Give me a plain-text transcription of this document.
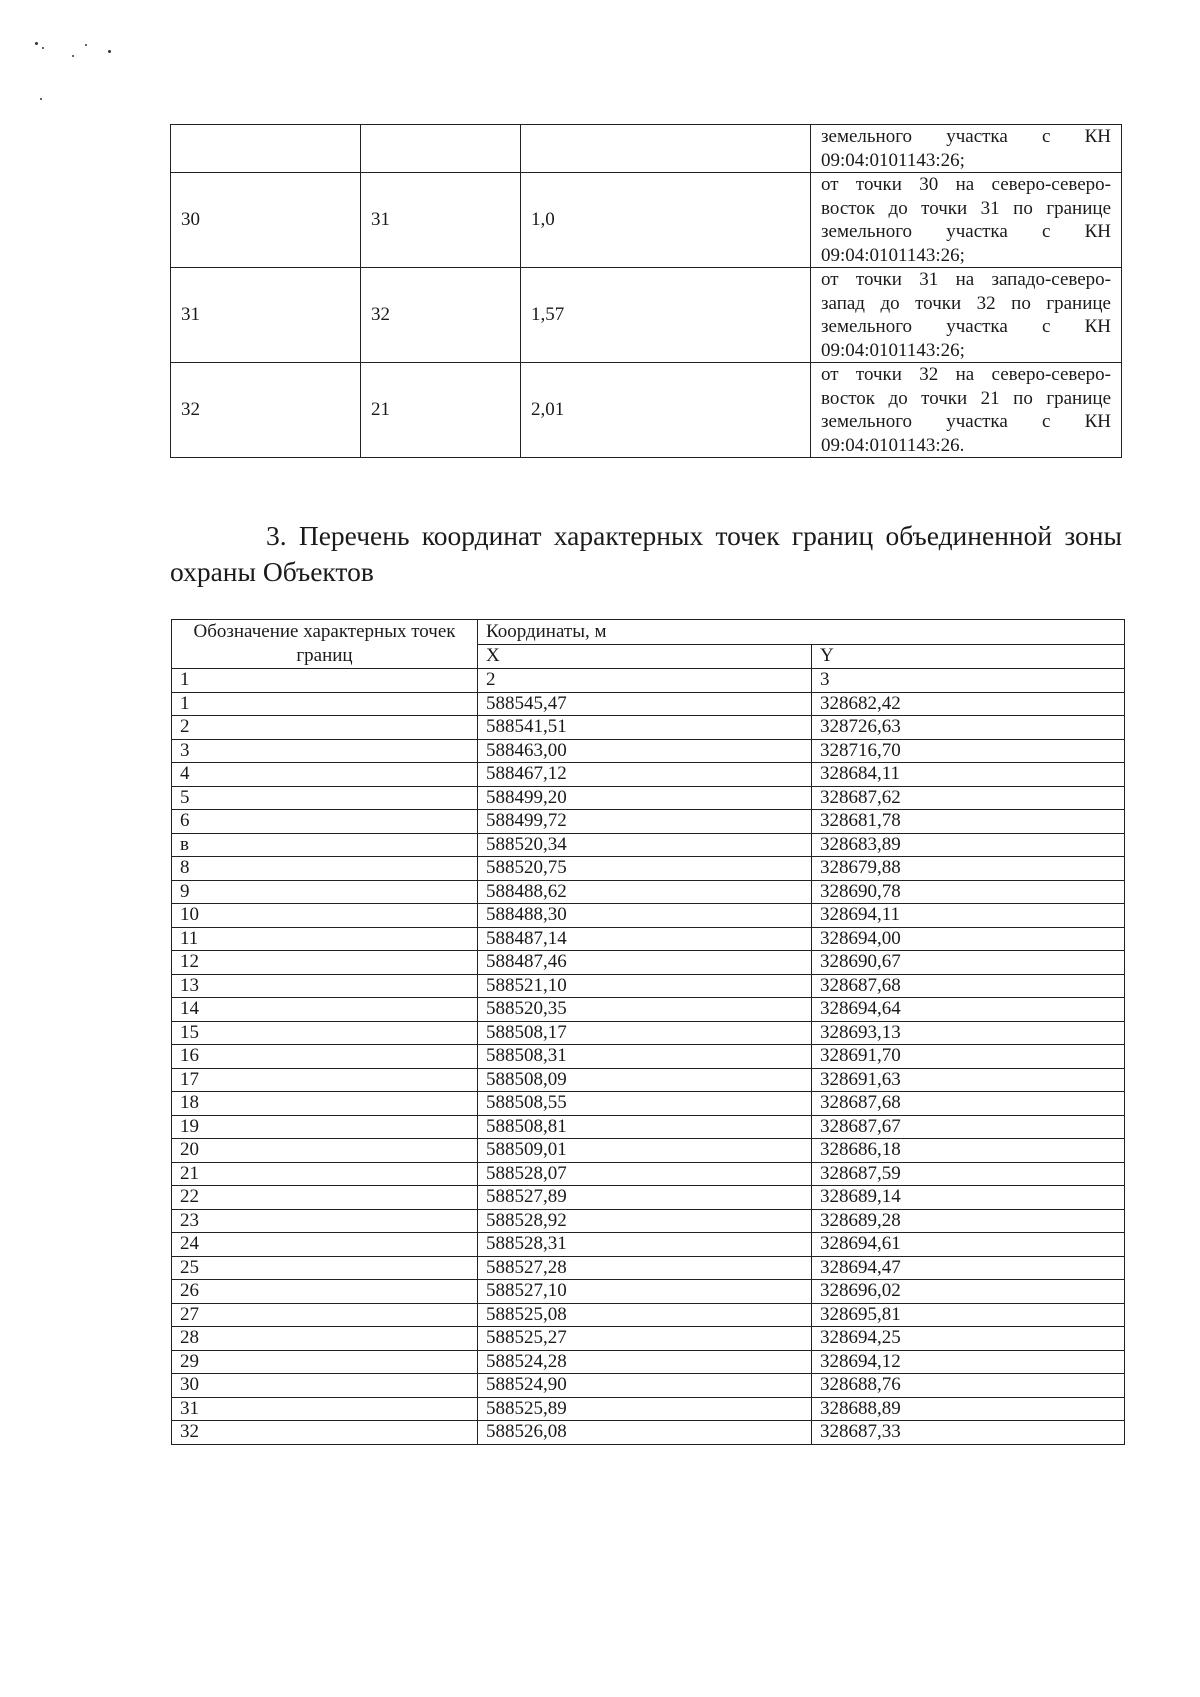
			земельного участка с КН

09:04:0101143:26;

30	31	1,0	от точки 30 на северо-северо-

восток до точки 31 по границе

земельного участка с КН

09:04:0101143:26;

31	32	1,57	от точки 31 на западо-северо-

запад до точки 32 по границе

земельного участка с КН

09:04:0101143:26;

32	21	2,01	от точки 32 на северо-северо-

восток до точки 21 по границе

земельного участка с КН

09:04:0101143:26.

3. Перечень координат характерных точек границ объединенной зоны
охраны Объектов
Обозначение характерных точек границ	Координаты, м	
	X	Y
1	2	3
1	588545,47	328682,42
2	588541,51	328726,63
3	588463,00	328716,70
4	588467,12	328684,11
5	588499,20	328687,62
6	588499,72	328681,78
в	588520,34	328683,89
8	588520,75	328679,88
9	588488,62	328690,78
10	588488,30	328694,11
11	588487,14	328694,00
12	588487,46	328690,67
13	588521,10	328687,68
14	588520,35	328694,64
15	588508,17	328693,13
16	588508,31	328691,70
17	588508,09	328691,63
18	588508,55	328687,68
19	588508,81	328687,67
20	588509,01	328686,18
21	588528,07	328687,59
22	588527,89	328689,14
23	588528,92	328689,28
24	588528,31	328694,61
25	588527,28	328694,47
26	588527,10	328696,02
27	588525,08	328695,81
28	588525,27	328694,25
29	588524,28	328694,12
30	588524,90	328688,76
31	588525,89	328688,89
32	588526,08	328687,33
